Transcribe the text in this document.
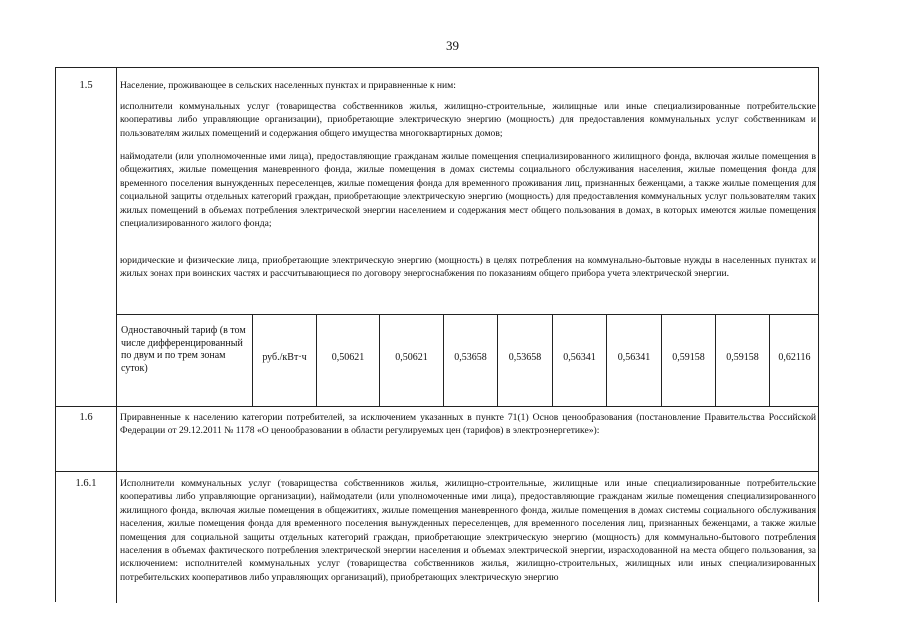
39
1.5	Население, проживающее в сельских населенных пунктах и приравненные к ним:
исполнители коммунальных услуг (товарищества собственников жилья, жилищно-строительные, жилищные или иные специализированные потребительские кооперативы либо управляющие организации), приобретающие электрическую энергию (мощность) для предоставления коммунальных услуг собственникам и пользователям жилых помещений и содержания общего имущества многоквартирных домов;
наймодатели (или уполномоченные ими лица), предоставляющие гражданам жилые помещения специализированного жилищного фонда, включая жилые помещения в общежитиях, жилые помещения маневренного фонда, жилые помещения в домах системы социального обслуживания населения, жилые помещения фонда для временного поселения вынужденных переселенцев, жилые помещения фонда для временного проживания лиц, признанных беженцами, а также жилые помещения для социальной защиты отдельных категорий граждан, приобретающие электрическую энергию (мощность) для предоставления коммунальных услуг пользователям таких жилых помещений в объемах потребления электрической энергии населением и содержания мест общего пользования в домах, в которых имеются жилые помещения специализированного жилого фонда;
юридические и физические лица, приобретающие электрическую энергию (мощность) в целях потребления на коммунально-бытовые нужды в населенных пунктах и жилых зонах при воинских частях и рассчитывающиеся по договору энергоснабжения по показаниям общего прибора учета электрической энергии.
Одноставочный тариф (в том числе дифференцированный по двум и по трем зонам суток)
руб./кВт·ч	0,50621	0,50621	0,53658	0,53658	0,56341	0,56341	0,59158	0,59158	0,62116
1.6	Приравненные к населению категории потребителей, за исключением указанных в пункте 71(1) Основ ценообразования (постановление Правительства Российской Федерации от 29.12.2011 № 1178 «О ценообразовании в области регулируемых цен (тарифов) в электроэнергетике»):
1.6.1	Исполнители коммунальных услуг (товарищества собственников жилья, жилищно-строительные, жилищные или иные специализированные потребительские кооперативы либо управляющие организации), наймодатели (или уполномоченные ими лица), предоставляющие гражданам жилые помещения специализированного жилищного фонда, включая жилые помещения в общежитиях, жилые помещения маневренного фонда, жилые помещения в домах системы социального обслуживания населения, жилые помещения фонда для временного поселения вынужденных переселенцев, для временного поселения лиц, признанных беженцами, а также жилые помещения для социальной защиты отдельных категорий граждан, приобретающие электрическую энергию (мощность) для коммунально-бытового потребления населения в объемах фактического потребления электрической энергии населения и объемах электрической энергии, израсходованной на места общего пользования, за исключением: исполнителей коммунальных услуг (товарищества собственников жилья, жилищно-строительных, жилищных или иных специализированных потребительских кооперативов либо управляющих организаций), приобретающих электрическую энергию
